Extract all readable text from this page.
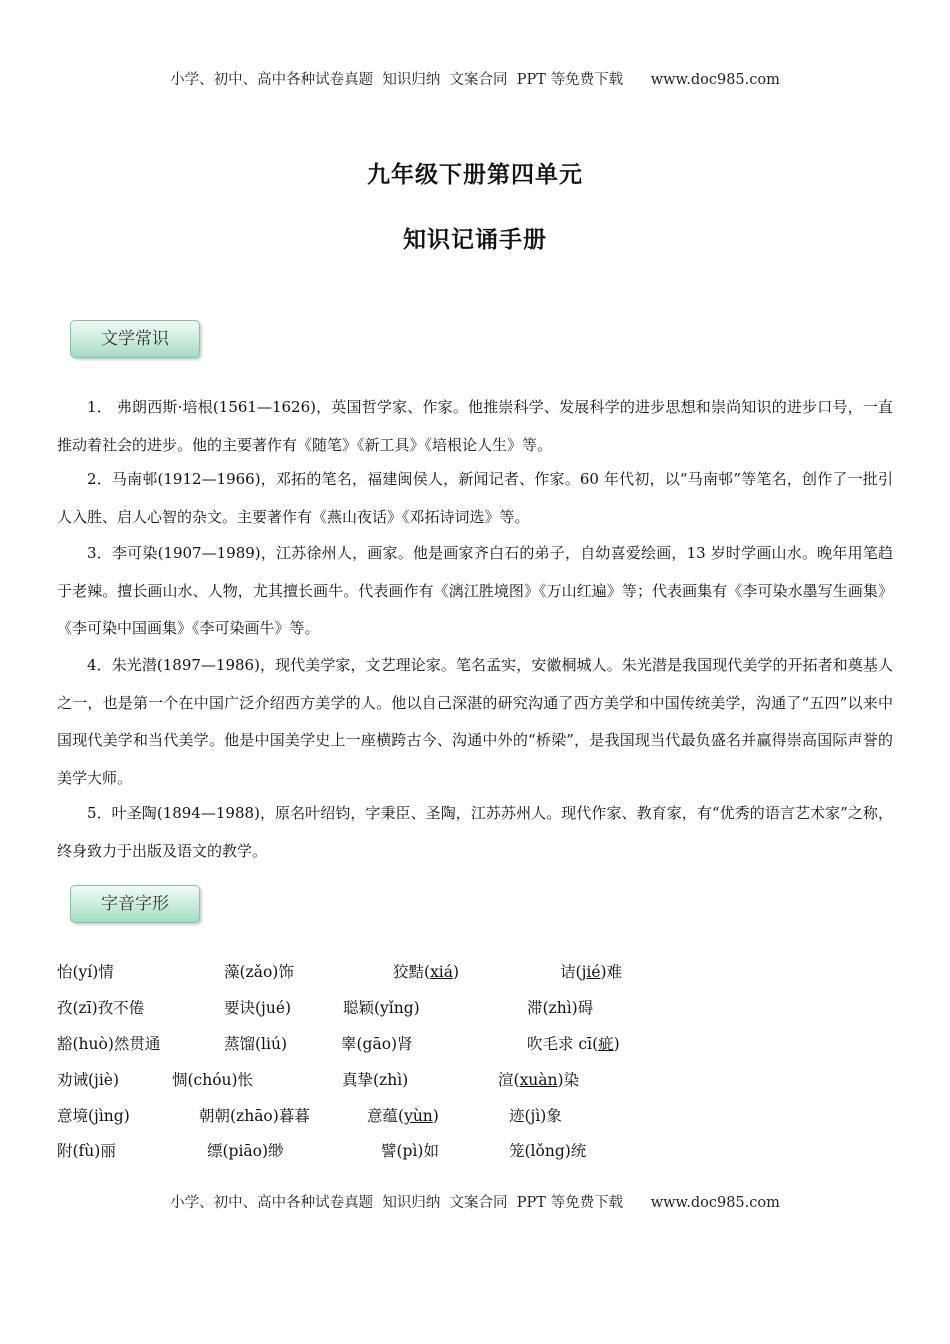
小学、初中、高中各种试卷真题  知识归纳  文案合同  PPT 等免费下载      www.doc985.com
九年级下册第四单元
知识记诵手册
文学常识
1． 弗朗西斯·培根(1561—1626)，英国哲学家、作家。他推崇科学、发展科学的进步思想和崇尚知识的进步口号，一直推动着社会的进步。他的主要著作有《随笔》《新工具》《培根论人生》等。
2．马南邨(1912—1966)，邓拓的笔名，福建闽侯人，新闻记者、作家。60 年代初，以“马南邨”等笔名，创作了一批引人入胜、启人心智的杂文。主要著作有《燕山夜话》《邓拓诗词选》等。
3．李可染(1907—1989)，江苏徐州人，画家。他是画家齐白石的弟子，自幼喜爱绘画，13 岁时学画山水。晚年用笔趋于老辣。擅长画山水、人物，尤其擅长画牛。代表画作有《漓江胜境图》《万山红遍》等；代表画集有《李可染水墨写生画集》《李可染中国画集》《李可染画牛》等。
4．朱光潜(1897—1986)，现代美学家，文艺理论家。笔名孟实，安徽桐城人。朱光潜是我国现代美学的开拓者和奠基人之一，也是第一个在中国广泛介绍西方美学的人。他以自己深湛的研究沟通了西方美学和中国传统美学，沟通了“五四”以来中国现代美学和当代美学。他是中国美学史上一座横跨古今、沟通中外的“桥梁”，是我国现当代最负盛名并赢得崇高国际声誉的美学大师。
5．叶圣陶(1894—1988)，原名叶绍钧，字秉臣、圣陶，江苏苏州人。现代作家、教育家，有“优秀的语言艺术家”之称，终身致力于出版及语文的教学。
字音字形
怡(yí)情	藻(zǎo)饰	狡黠(xiá)	诘(jié)难
孜(zī)孜不倦	要诀(jué)	聪颖(yǐng)	滞(zhì)碍
豁(huò)然贯通	蒸馏(liú)	睾(gāo)肾	吹毛求 cī(疵)
劝诫(jiè)	惆(chóu)怅	真挚(zhì)	渲(xuàn)染
意境(jìng)	朝朝(zhāo)暮暮	意蕴(yùn)	迹(jì)象
附(fù)丽	缥(piāo)缈	譬(pì)如	笼(lǒng)统
小学、初中、高中各种试卷真题  知识归纳  文案合同  PPT 等免费下载      www.doc985.com
